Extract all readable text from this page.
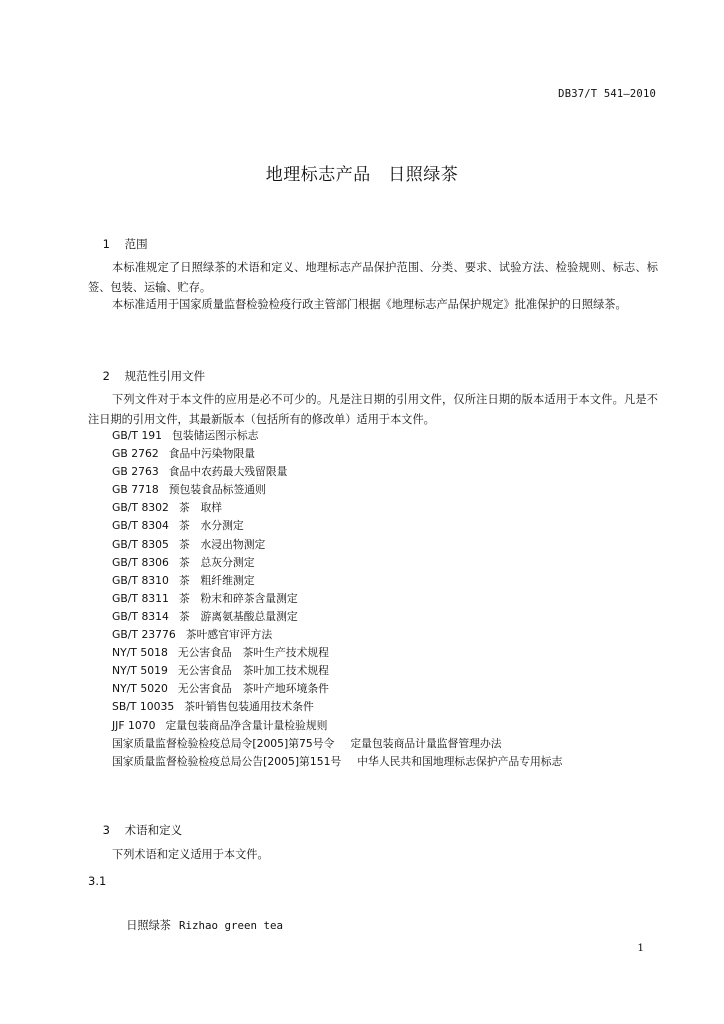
DB37/T 541—2010
地理标志产品　日照绿茶

1 范围

本标准规定了日照绿茶的术语和定义、地理标志产品保护范围、分类、要求、试验方法、检验规则、标志、标签、包装、运输、贮存。
本标准适用于国家质量监督检验检疫行政主管部门根据《地理标志产品保护规定》批准保护的日照绿茶。

2 规范性引用文件

下列文件对于本文件的应用是必不可少的。凡是注日期的引用文件，仅所注日期的版本适用于本文件。凡是不注日期的引用文件，其最新版本（包括所有的修改单）适用于本文件。
GB/T 191 包装储运图示标志
GB 2762 食品中污染物限量
GB 2763 食品中农药最大残留限量
GB 7718 预包装食品标签通则
GB/T 8302 茶　取样
GB/T 8304 茶　水分测定
GB/T 8305 茶　水浸出物测定
GB/T 8306 茶　总灰分测定
GB/T 8310 茶　粗纤维测定
GB/T 8311 茶　粉末和碎茶含量测定
GB/T 8314 茶　游离氨基酸总量测定
GB/T 23776 茶叶感官审评方法
NY/T 5018 无公害食品　茶叶生产技术规程
NY/T 5019 无公害食品　茶叶加工技术规程
NY/T 5020 无公害食品　茶叶产地环境条件
SB/T 10035 茶叶销售包装通用技术条件
JJF 1070 定量包装商品净含量计量检验规则
国家质量监督检验检疫总局令[2005]第75号令 定量包装商品计量监督管理办法
国家质量监督检验检疫总局公告[2005]第151号 中华人民共和国地理标志保护产品专用标志

3 术语和定义

下列术语和定义适用于本文件。
3.1

日照绿茶 Rizhao green tea

1
